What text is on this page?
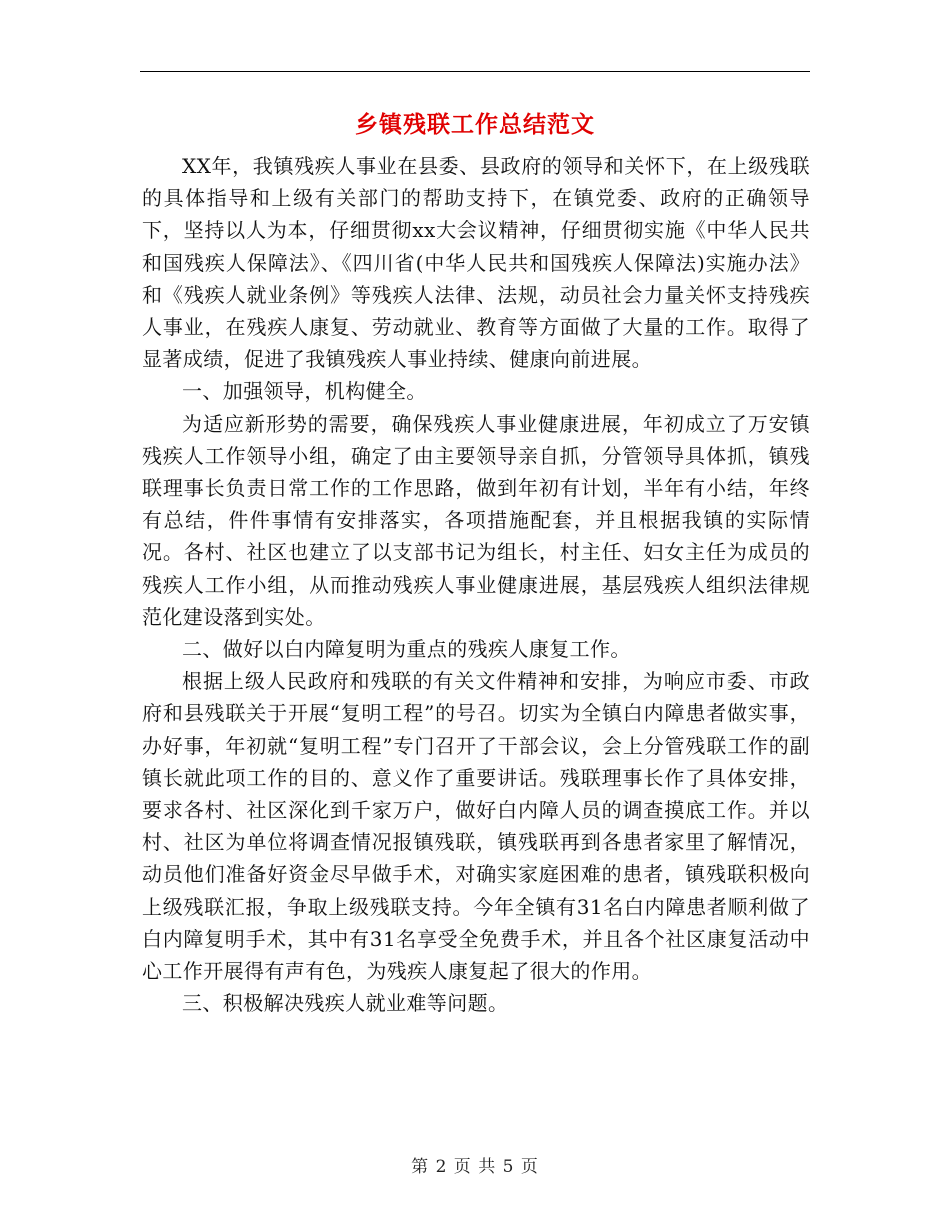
乡镇残联工作总结范文

XX年，我镇残疾人事业在县委、县政府的领导和关怀下，在上级残联的具体指导和上级有关部门的帮助支持下，在镇党委、政府的正确领导下，坚持以人为本，仔细贯彻xx大会议精神，仔细贯彻实施《中华人民共和国残疾人保障法》、《四川省(中华人民共和国残疾人保障法)实施办法》和《残疾人就业条例》等残疾人法律、法规，动员社会力量关怀支持残疾人事业，在残疾人康复、劳动就业、教育等方面做了大量的工作。取得了显著成绩，促进了我镇残疾人事业持续、健康向前进展。

一、加强领导，机构健全。

为适应新形势的需要，确保残疾人事业健康进展，年初成立了万安镇残疾人工作领导小组，确定了由主要领导亲自抓，分管领导具体抓，镇残联理事长负责日常工作的工作思路，做到年初有计划，半年有小结，年终有总结，件件事情有安排落实，各项措施配套，并且根据我镇的实际情况。各村、社区也建立了以支部书记为组长，村主任、妇女主任为成员的残疾人工作小组，从而推动残疾人事业健康进展，基层残疾人组织法律规范化建设落到实处。

二、做好以白内障复明为重点的残疾人康复工作。

根据上级人民政府和残联的有关文件精神和安排，为响应市委、市政府和县残联关于开展“复明工程”的号召。切实为全镇白内障患者做实事，办好事，年初就“复明工程”专门召开了干部会议，会上分管残联工作的副镇长就此项工作的目的、意义作了重要讲话。残联理事长作了具体安排，要求各村、社区深化到千家万户，做好白内障人员的调查摸底工作。并以村、社区为单位将调查情况报镇残联，镇残联再到各患者家里了解情况，动员他们准备好资金尽早做手术，对确实家庭困难的患者，镇残联积极向上级残联汇报，争取上级残联支持。今年全镇有31名白内障患者顺利做了白内障复明手术，其中有31名享受全免费手术，并且各个社区康复活动中心工作开展得有声有色，为残疾人康复起了很大的作用。

三、积极解决残疾人就业难等问题。

第 2 页 共 5 页
